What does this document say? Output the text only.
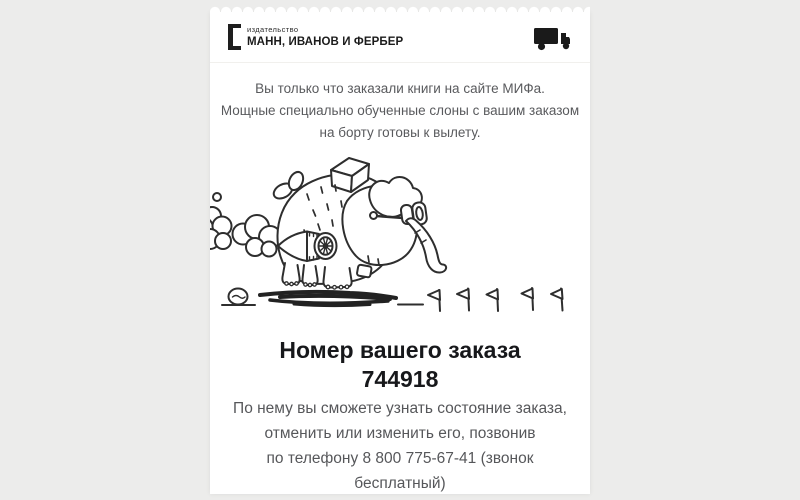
издательство
МАНН, ИВАНОВ И ФЕРБЕР
Вы только что заказали книги на сайте МИФа.
Мощные специально обученные слоны с вашим заказом
на борту готовы к вылету.
Номер вашего заказа
744918
По нему вы сможете узнать состояние заказа,
отменить или изменить его, позвонив
по телефону 8 800 775-67-41 (звонок
бесплатный)
